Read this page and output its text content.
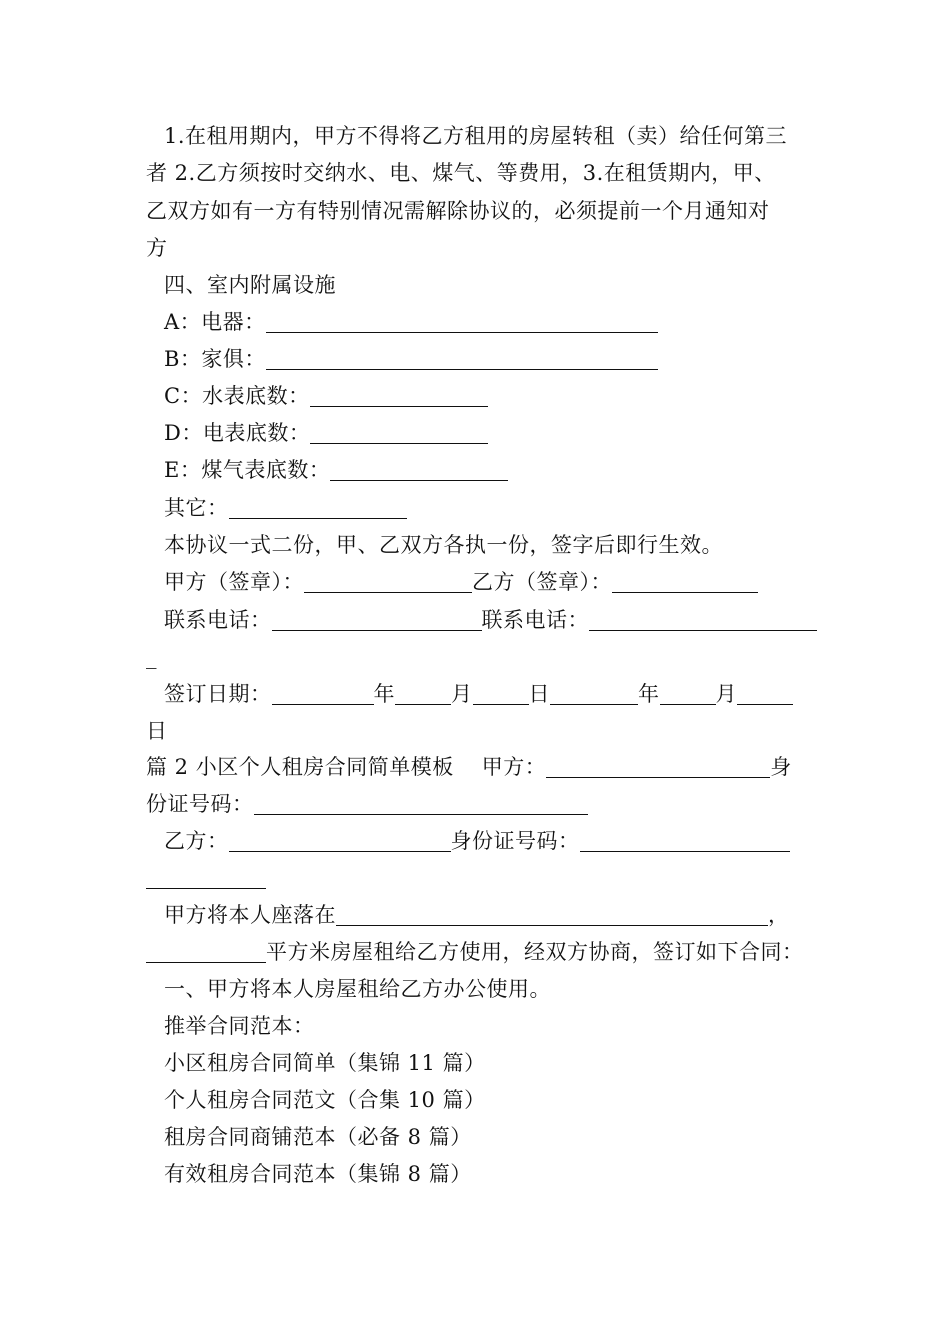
1.在租用期内，甲方不得将乙方租用的房屋转租（卖）给任何第三
者 2.乙方须按时交纳水、电、煤气、等费用，3.在租赁期内，甲、
乙双方如有一方有特别情况需解除协议的，必须提前一个月通知对
方
四、室内附属设施
A：电器：
B：家俱：
C：水表底数：
D：电表底数：
E：煤气表底数：
其它：
本协议一式二份，甲、乙双方各执一份，签字后即行生效。
甲方（签章）：	乙方（签章）：
联系电话：	联系电话：
_
签订日期：	年	月	日	年	月
日
篇 2 小区个人租房合同简单模板 甲方：	身
份证号码：
乙方：	身份证号码：
甲方将本人座落在	，
平方米房屋租给乙方使用，经双方协商，签订如下合同：
一、甲方将本人房屋租给乙方办公使用。
推举合同范本：
小区租房合同简单（集锦 11 篇）
个人租房合同范文（合集 10 篇）
租房合同商铺范本（必备 8 篇）
有效租房合同范本（集锦 8 篇）
